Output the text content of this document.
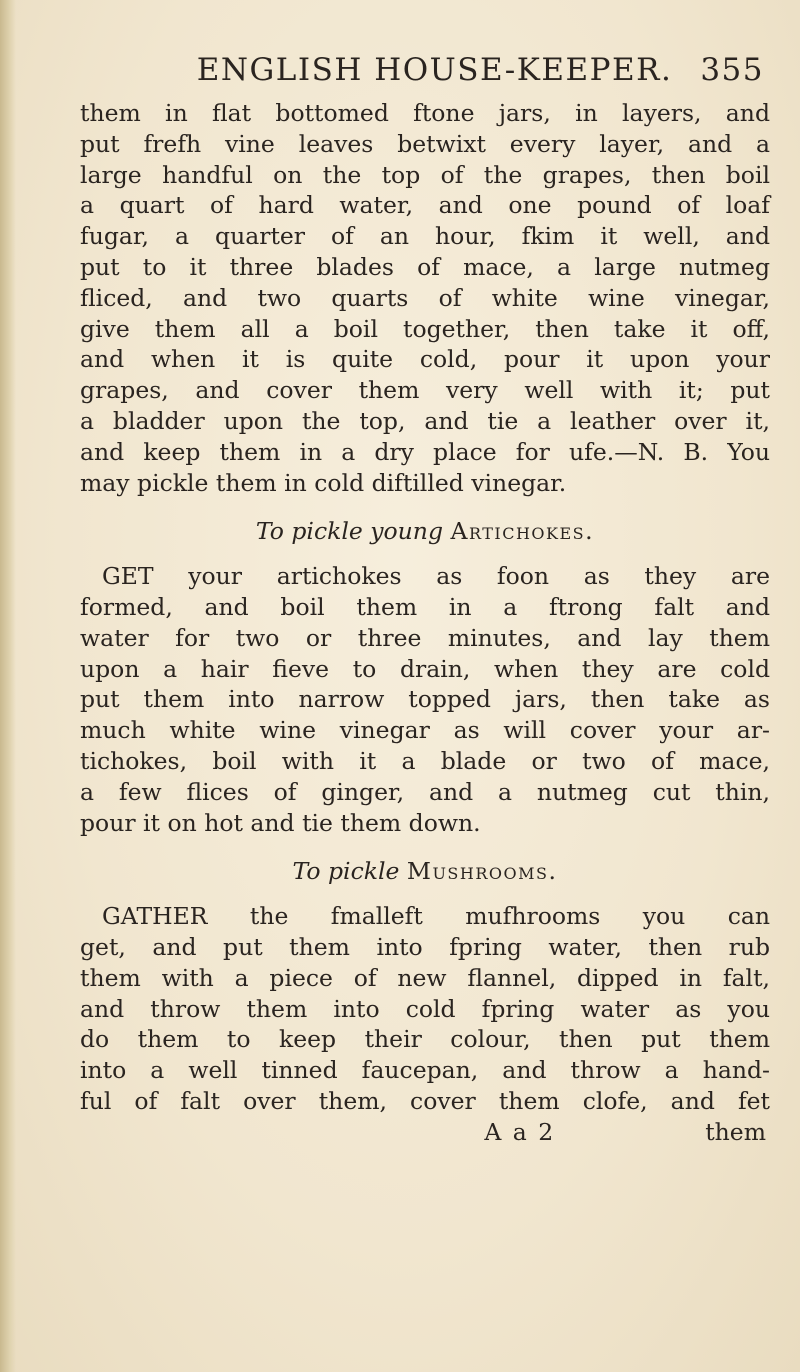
ENGLISH HOUSE-KEEPER. 355

them in flat bottomed ftone jars, in layers, and
put frefh vine leaves betwixt every layer, and a
large handful on the top of the grapes, then boil
a quart of hard water, and one pound of loaf
fugar, a quarter of an hour, fkim it well, and
put to it three blades of mace, a large nutmeg
fliced, and two quarts of white wine vinegar,
give them all a boil together, then take it off,
and when it is quite cold, pour it upon your
grapes, and cover them very well with it; put
a bladder upon the top, and tie a leather over it,
and keep them in a dry place for ufe.—N. B. You
may pickle them in cold diftilled vinegar.

To pickle young Artichokes.

GET your artichokes as foon as they are
formed, and boil them in a ftrong falt and
water for two or three minutes, and lay them
upon a hair fieve to drain, when they are cold
put them into narrow topped jars, then take as
much white wine vinegar as will cover your ar-
tichokes, boil with it a blade or two of mace,
a few flices of ginger, and a nutmeg cut thin,
pour it on hot and tie them down.

To pickle Mushrooms.

GATHER the fmalleft mufhrooms you can
get, and put them into fpring water, then rub
them with a piece of new flannel, dipped in falt,
and throw them into cold fpring water as you
do them to keep their colour, then put them
into a well tinned faucepan, and throw a hand-
ful of falt over them, cover them clofe, and fet

A a 2	them
